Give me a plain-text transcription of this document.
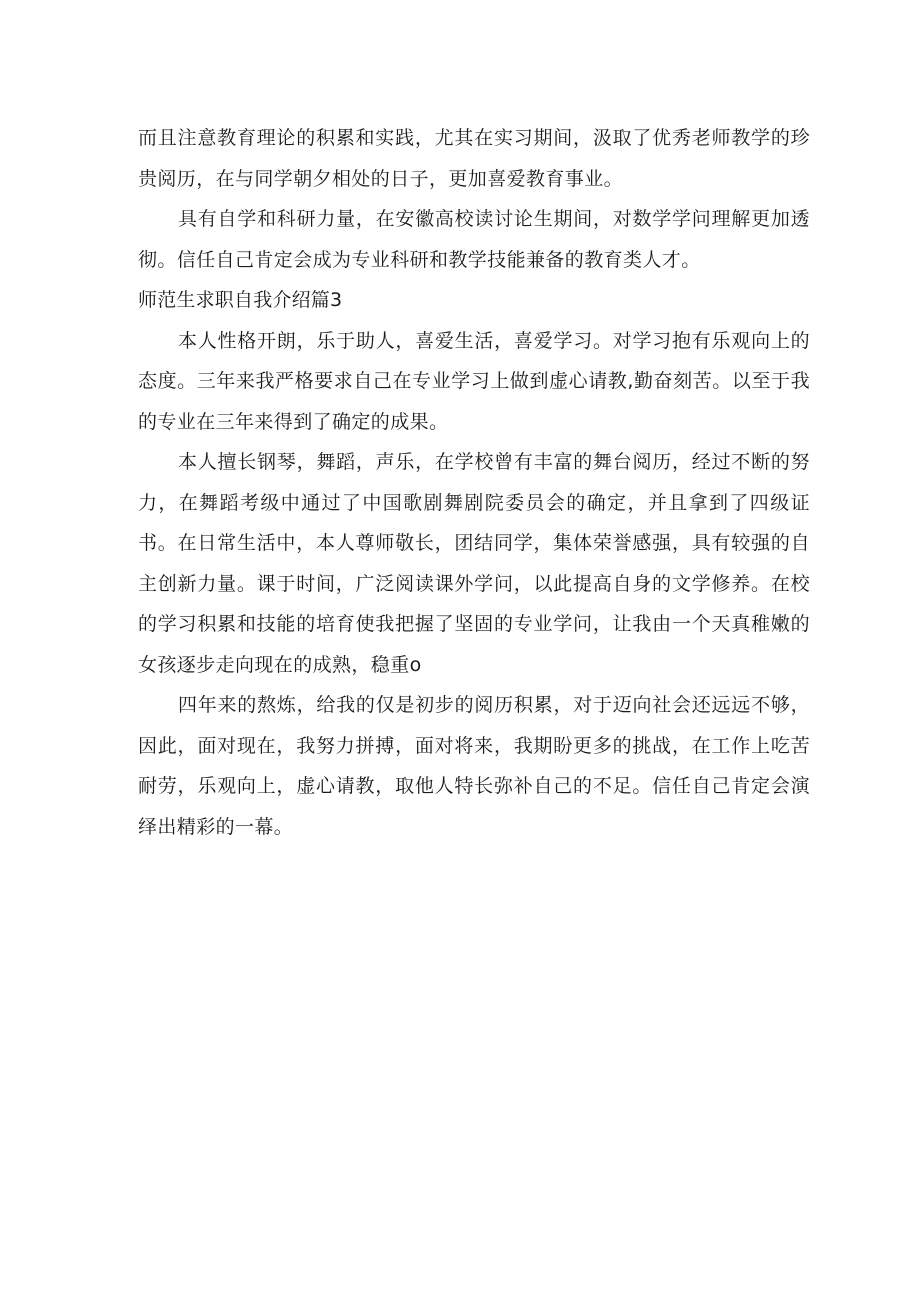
而且注意教育理论的积累和实践，尤其在实习期间，汲取了优秀老师教学的珍贵阅历，在与同学朝夕相处的日子，更加喜爱教育事业。

具有自学和科研力量，在安徽高校读讨论生期间，对数学学问理解更加透彻。信任自己肯定会成为专业科研和教学技能兼备的教育类人才。

师范生求职自我介绍篇3

本人性格开朗，乐于助人，喜爱生活，喜爱学习。对学习抱有乐观向上的态度。三年来我严格要求自己在专业学习上做到虚心请教,勤奋刻苦。以至于我的专业在三年来得到了确定的成果。

本人擅长钢琴，舞蹈，声乐，在学校曾有丰富的舞台阅历，经过不断的努力，在舞蹈考级中通过了中国歌剧舞剧院委员会的确定，并且拿到了四级证书。在日常生活中，本人尊师敬长，团结同学，集体荣誉感强，具有较强的自主创新力量。课于时间，广泛阅读课外学问，以此提高自身的文学修养。在校的学习积累和技能的培育使我把握了坚固的专业学问，让我由一个天真稚嫩的女孩逐步走向现在的成熟，稳重o

四年来的熬炼，给我的仅是初步的阅历积累，对于迈向社会还远远不够，因此，面对现在，我努力拼搏，面对将来，我期盼更多的挑战，在工作上吃苦耐劳，乐观向上，虚心请教，取他人特长弥补自己的不足。信任自己肯定会演绎出精彩的一幕。
